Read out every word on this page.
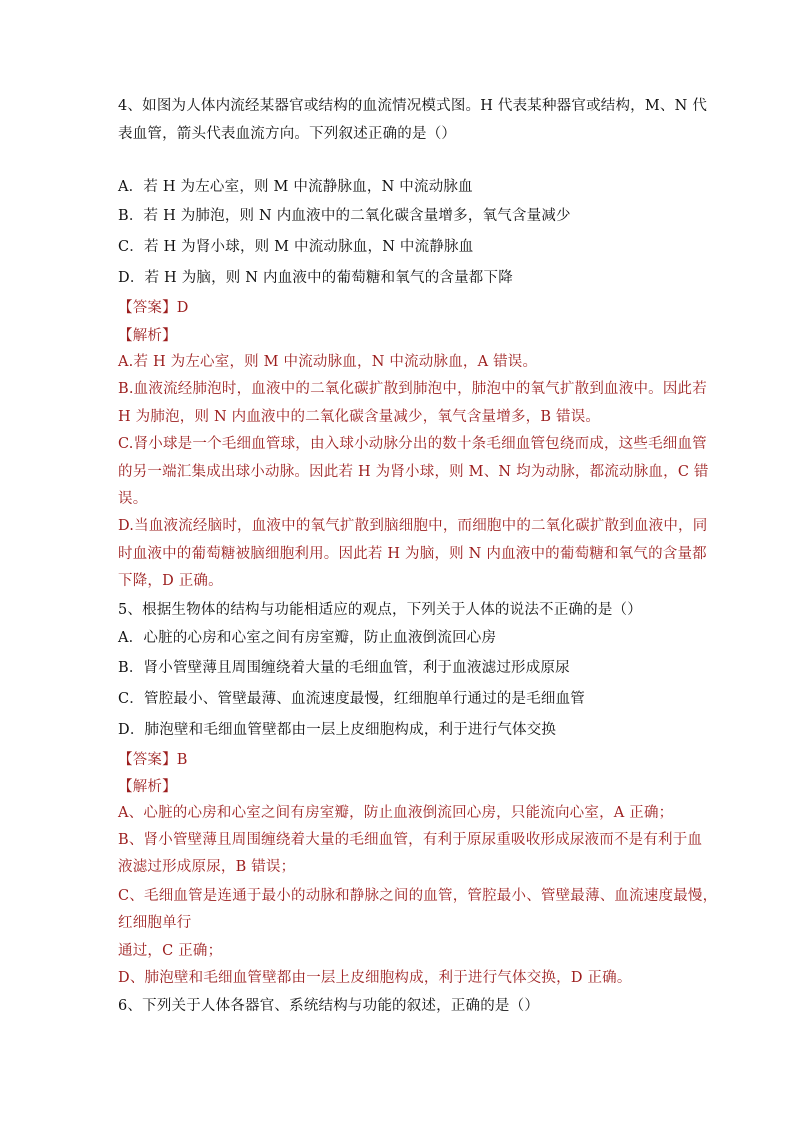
4、如图为人体内流经某器官或结构的血流情况模式图。H 代表某种器官或结构，M、N 代
表血管，箭头代表血流方向。下列叙述正确的是（）
A．若 H 为左心室，则 M 中流静脉血，N 中流动脉血
B．若 H 为肺泡，则 N 内血液中的二氧化碳含量增多，氧气含量减少
C．若 H 为肾小球，则 M 中流动脉血，N 中流静脉血
D．若 H 为脑，则 N 内血液中的葡萄糖和氧气的含量都下降
【答案】D
【解析】
A.若 H 为左心室，则 M 中流动脉血，N 中流动脉血，A 错误。
B.血液流经肺泡时，血液中的二氧化碳扩散到肺泡中，肺泡中的氧气扩散到血液中。因此若
H 为肺泡，则 N 内血液中的二氧化碳含量减少，氧气含量增多，B 错误。
C.肾小球是一个毛细血管球，由入球小动脉分出的数十条毛细血管包绕而成，这些毛细血管
的另一端汇集成出球小动脉。因此若 H 为肾小球，则 M、N 均为动脉，都流动脉血，C 错
误。
D.当血液流经脑时，血液中的氧气扩散到脑细胞中，而细胞中的二氧化碳扩散到血液中，同
时血液中的葡萄糖被脑细胞利用。因此若 H 为脑，则 N 内血液中的葡萄糖和氧气的含量都
下降，D 正确。
5、根据生物体的结构与功能相适应的观点，下列关于人体的说法不正确的是（）
A．心脏的心房和心室之间有房室瓣，防止血液倒流回心房
B．肾小管壁薄且周围缠绕着大量的毛细血管，利于血液滤过形成原尿
C．管腔最小、管壁最薄、血流速度最慢，红细胞单行通过的是毛细血管
D．肺泡壁和毛细血管壁都由一层上皮细胞构成，利于进行气体交换
【答案】B
【解析】
A、心脏的心房和心室之间有房室瓣，防止血液倒流回心房，只能流向心室，A 正确；
B、肾小管壁薄且周围缠绕着大量的毛细血管，有利于原尿重吸收形成尿液而不是有利于血
液滤过形成原尿，B 错误；
C、毛细血管是连通于最小的动脉和静脉之间的血管，管腔最小、管壁最薄、血流速度最慢，
红细胞单行
通过，C 正确；
D、肺泡壁和毛细血管壁都由一层上皮细胞构成，利于进行气体交换，D 正确。
6、下列关于人体各器官、系统结构与功能的叙述，正确的是（）
